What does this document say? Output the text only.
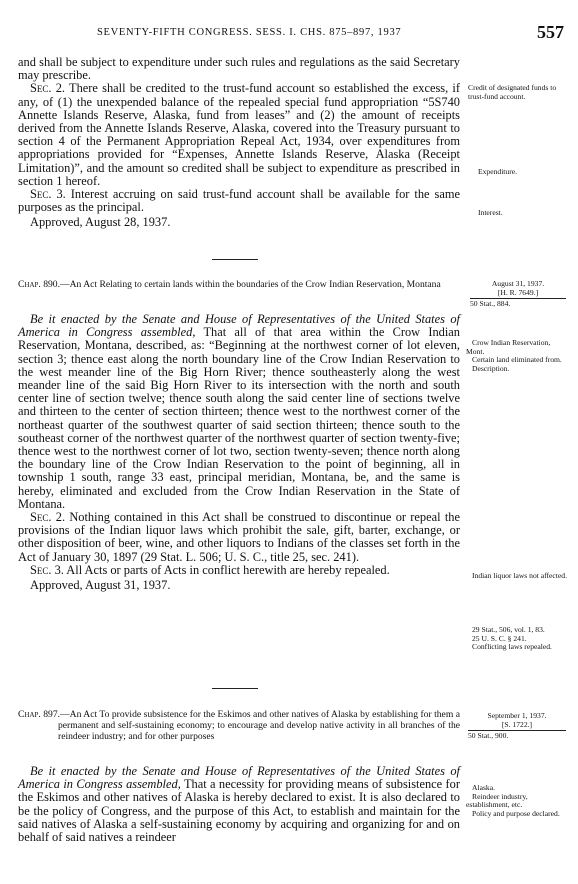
SEVENTY-FIFTH CONGRESS. SESS. I. CHS. 875–897, 1937	557

and shall be subject to expenditure under such rules and regulations as the said Secretary may prescribe.

Sec. 2. There shall be credited to the trust-fund account so established the excess, if any, of (1) the unexpended balance of the repealed special fund appropriation “5S740 Annette Islands Reserve, Alaska, fund from leases” and (2) the amount of receipts derived from the Annette Islands Reserve, Alaska, covered into the Treasury pursuant to section 4 of the Permanent Appropriation Repeal Act, 1934, over expenditures from appropriations provided for “Expenses, Annette Islands Reserve, Alaska (Receipt Limitation)”, and the amount so credited shall be subject to expenditure as prescribed in section 1 hereof.

Sec. 3. Interest accruing on said trust-fund account shall be available for the same purposes as the principal.

Approved, August 28, 1937.

Chap. 890.—An Act Relating to certain lands within the boundaries of the Crow Indian Reservation, Montana

Be it enacted by the Senate and House of Representatives of the United States of America in Congress assembled, That all of that area within the Crow Indian Reservation, Montana, described, as: “Beginning at the northwest corner of lot eleven, section 3; thence east along the north boundary line of the Crow Indian Reservation to the west meander line of the Big Horn River; thence southeasterly along the west meander line of the said Big Horn River to its intersection with the north and south center line of section twelve; thence south along the said center line of sections twelve and thirteen to the center of section thirteen; thence west to the northwest corner of the northeast quarter of the southwest quarter of said section thirteen; thence south to the southeast corner of the northwest quarter of the northwest quarter of section twenty-five; thence west to the northwest corner of lot two, section twenty-seven; thence north along the boundary line of the Crow Indian Reservation to the point of beginning, all in township 1 south, range 33 east, principal meridian, Montana, be, and the same is hereby, eliminated and excluded from the Crow Indian Reservation in the State of Montana.

Sec. 2. Nothing contained in this Act shall be construed to discontinue or repeal the provisions of the Indian liquor laws which prohibit the sale, gift, barter, exchange, or other disposition of beer, wine, and other liquors to Indians of the classes set forth in the Act of January 30, 1897 (29 Stat. L. 506; U. S. C., title 25, sec. 241).

Sec. 3. All Acts or parts of Acts in conflict herewith are hereby repealed.

Approved, August 31, 1937.

Chap. 897.—An Act To provide subsistence for the Eskimos and other natives of Alaska by establishing for them a permanent and self-sustaining economy; to encourage and develop native activity in all branches of the reindeer industry; and for other purposes

Be it enacted by the Senate and House of Representatives of the United States of America in Congress assembled, That a necessity for providing means of subsistence for the Eskimos and other natives of Alaska is hereby declared to exist. It is also declared to be the policy of Congress, and the purpose of this Act, to establish and maintain for the said natives of Alaska a self-sustaining economy by acquiring and organizing for and on behalf of said natives a reindeer

Credit of designated funds to trust-fund account.

Expenditure.

Interest.

August 31, 1937.

[H. R. 7649.]

50 Stat., 884.

Crow Indian Reservation, Mont.

Certain land eliminated from.

Description.

Indian liquor laws not affected.

29 Stat., 506, vol. 1, 83.

25 U. S. C. § 241.

Conflicting laws repealed.

September 1, 1937.

[S. 1722.]

50 Stat., 900.

Alaska.

Reindeer industry, establishment, etc.

Policy and purpose declared.
